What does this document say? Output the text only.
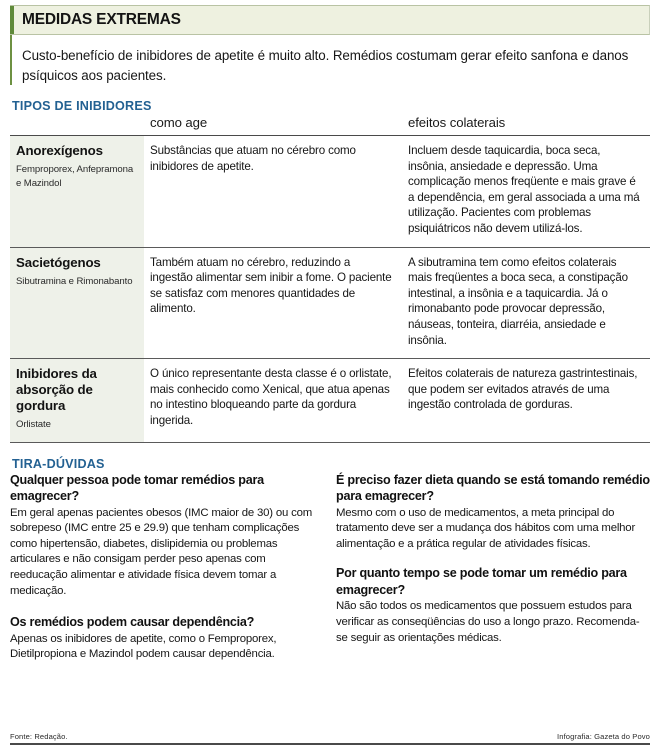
MEDIDAS EXTREMAS
Custo-benefício de inibidores de apetite é muito alto. Remédios costumam gerar efeito sanfona e danos psíquicos aos pacientes.
TIPOS DE INIBIDORES
	como age	efeitos colaterais

Anorexígenos
Femproporex, Anfepramona e Mazindol	Substâncias que atuam no cérebro como inibidores de apetite.	Incluem desde taquicardia, boca seca, insônia, ansiedade e depressão. Uma complicação menos freqüente e mais grave é a dependência, em geral associada a uma má utilização. Pacientes com problemas psiquiátricos não devem utilizá-los.

Sacietógenos
Sibutramina e Rimonabanto	Também atuam no cérebro, reduzindo a ingestão alimentar sem inibir a fome. O paciente se satisfaz com menores quantidades de alimento.	A sibutramina tem como efeitos colaterais mais freqüentes a boca seca, a constipação intestinal, a insônia e a taquicardia. Já o rimonabanto pode provocar depressão, náuseas, tonteira, diarréia, ansiedade e insônia.

Inibidores da absorção de gordura
Orlistate	O único representante desta classe é o orlistate, mais conhecido como Xenical, que atua apenas no intestino bloqueando parte da gordura ingerida.	Efeitos colaterais de natureza gastrintestinais, que podem ser evitados através de uma ingestão controlada de gorduras.
TIRA-DÚVIDAS
Qualquer pessoa pode tomar remédios para emagrecer?
Em geral apenas pacientes obesos (IMC maior de 30) ou com sobrepeso (IMC entre 25 e 29.9) que tenham complicações como hipertensão, diabetes, dislipidemia ou problemas articulares e não consigam perder peso apenas com reeducação alimentar e atividade física devem tomar a medicação.
Os remédios podem causar dependência?
Apenas os inibidores de apetite, como o Femproporex, Dietilpropiona e Mazindol podem causar dependência.
É preciso fazer dieta quando se está tomando remédio para emagrecer?
Mesmo com o uso de medicamentos, a meta principal do tratamento deve ser a mudança dos hábitos com uma melhor alimentação e a prática regular de atividades físicas.
Por quanto tempo se pode tomar um remédio para emagrecer?
Não são todos os medicamentos que possuem estudos para verificar as conseqüências do uso a longo prazo. Recomenda-se seguir as orientações médicas.
Fonte: Redação.	Infografia: Gazeta do Povo
